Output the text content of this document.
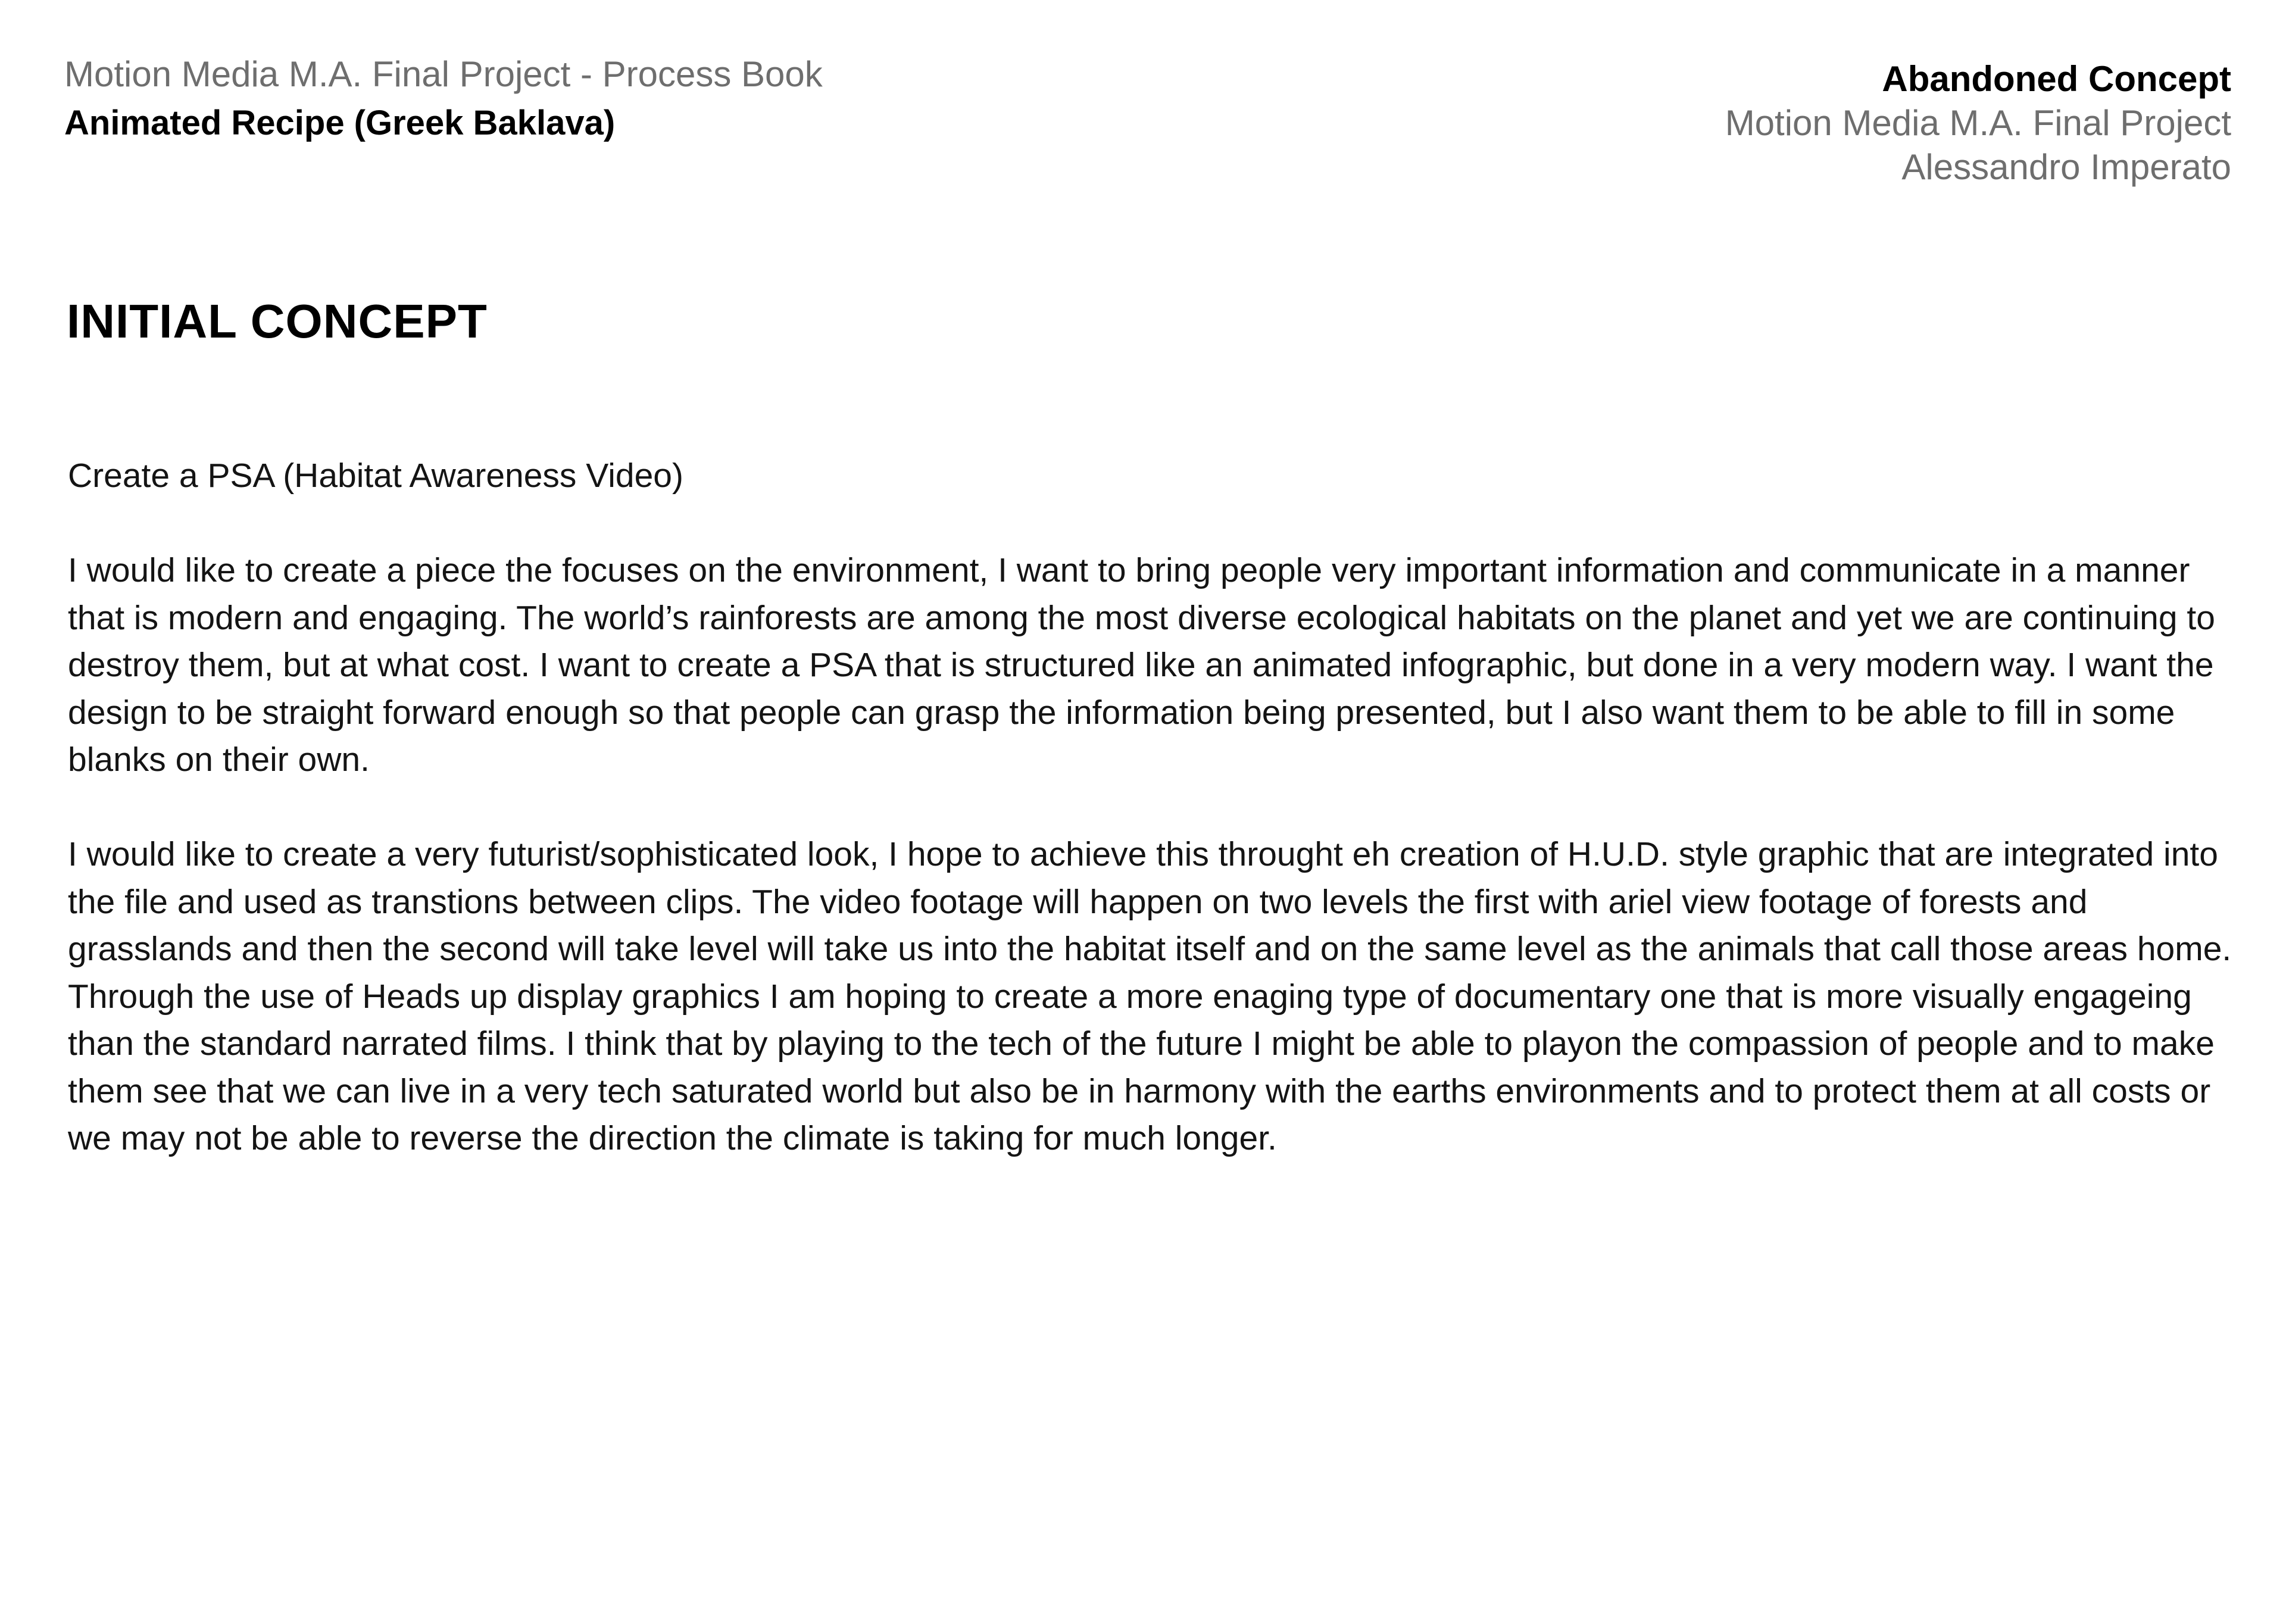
Motion Media M.A. Final Project - Process Book
Animated Recipe (Greek Baklava)
Abandoned Concept
Motion Media M.A. Final Project
Alessandro Imperato
INITIAL CONCEPT

Create a PSA (Habitat Awareness Video)

I would like to create a piece the focuses on the environment, I want to bring people very important information and communicate in a manner that is modern and engaging. The world’s rainforests are among the most diverse ecological habitats on the planet and yet we are continuing to destroy them, but at what cost. I want to create a PSA that is structured like an animated infographic, but done in a very modern way. I want the design to be straight forward enough so that people can grasp the information being presented, but I also want them to be able to fill in some blanks on their own.

I would like to create a very futurist/sophisticated look, I hope to achieve this throught eh creation of H.U.D. style graphic that are integrated into the file and used as transtions between clips. The video footage will happen on two levels the first with ariel view footage of forests and grasslands and then the second will take level will take us into the habitat itself and on the same level as the animals that call those areas home. Through the use of Heads up display graphics I am hoping to create a more enaging type of documentary one that is more visually engageing than the standard narrated films. I think that by playing to the tech of the future I might be able to playon the compassion of people and to make them see that we can live in a very tech saturated world but also be in harmony with the earths environments and to protect them at all costs or we may not be able to reverse the direction the climate is taking for much longer.
